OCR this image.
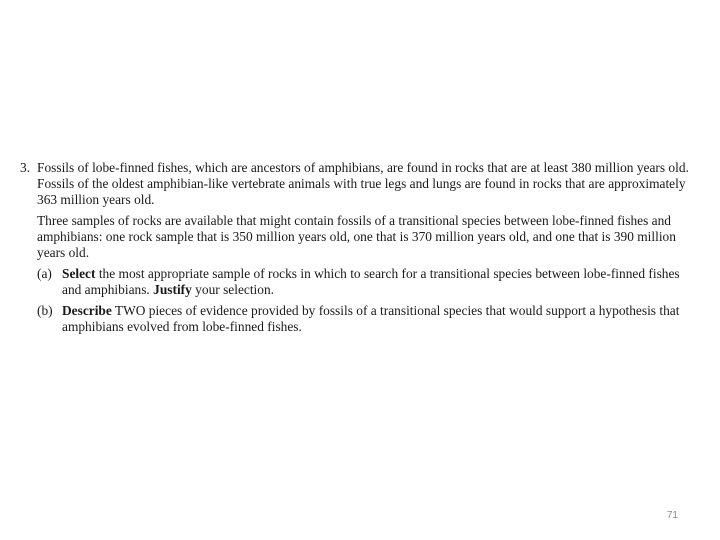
3. Fossils of lobe-finned fishes, which are ancestors of amphibians, are found in rocks that are at least 380 million years old. Fossils of the oldest amphibian-like vertebrate animals with true legs and lungs are found in rocks that are approximately 363 million years old.

Three samples of rocks are available that might contain fossils of a transitional species between lobe-finned fishes and amphibians: one rock sample that is 350 million years old, one that is 370 million years old, and one that is 390 million years old.

(a) Select the most appropriate sample of rocks in which to search for a transitional species between lobe-finned fishes and amphibians. Justify your selection.
(b) Describe TWO pieces of evidence provided by fossils of a transitional species that would support a hypothesis that amphibians evolved from lobe-finned fishes.
71
